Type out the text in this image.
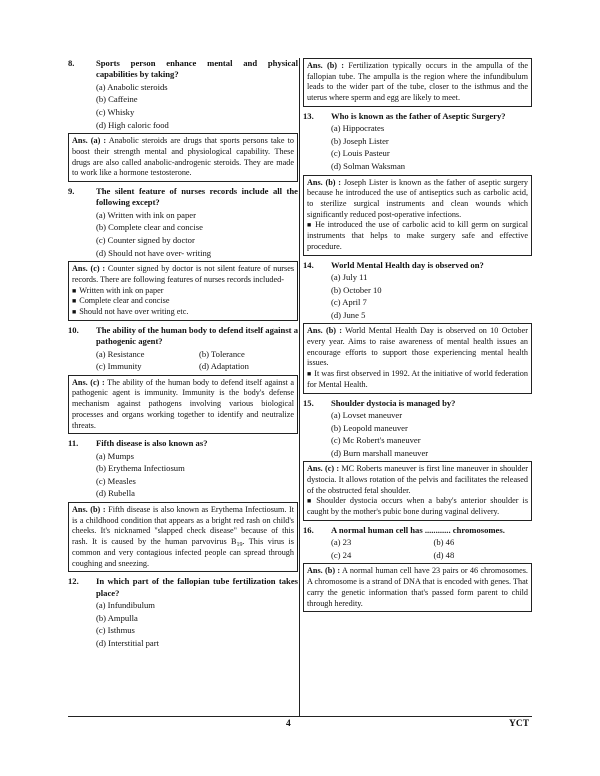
8.	Sports person enhance mental and physical capabilities by taking?
(a) Anabolic steroids
(b) Caffeine
(c) Whisky
(d) High caloric food
Ans. (a) : Anabolic steroids are drugs that sports persons take to boost their strength mental and physiological capability. These drugs are also called anabolic-androgenic steroids. They are made to work like a hormone testosterone.
9.	The silent feature of nurses records include all the following except?
(a) Written with ink on paper
(b) Complete clear and concise
(c) Counter signed by doctor
(d) Should not have over- writing
Ans. (c) : Counter signed by doctor is not silent feature of nurses records. There are following features of nurses records included-
■ Written with ink on paper
■ Complete clear and concise
■ Should not have over writing etc.
10. The ability of the human body to defend itself against a pathogenic agent?
(a) Resistance	(b) Tolerance
(c) Immunity	(d) Adaptation
Ans. (c) : The ability of the human body to defend itself against a pathogenic agent is immunity. Immunity is the body's defense mechanism against pathogens involving various biological processes and organs working together to identify and neutralize threats.
11. Fifth disease is also known as?
(a) Mumps
(b) Erythema Infectiosum
(c) Measles
(d) Rubella
Ans. (b) : Fifth disease is also known as Erythema Infectiosum. It is a childhood condition that appears as a bright red rash on child's cheeks. It's nicknamed "slapped check disease" because of this rash. It is caused by the human parvovirus $B_{19}$. This virus is common and very contagious infected people can spread through coughing and sneezing.
12. In which part of the fallopian tube fertilization takes place?
(a) Infundibulum
(b) Ampulla
(c) Isthmus
(d) Interstitial part
Ans. (b) : Fertilization typically occurs in the ampulla of the fallopian tube. The ampulla is the region where the infundibulum leads to the wider part of the tube, closer to the isthmus and the uterus where sperm and egg are likely to meet.
13. Who is known as the father of Aseptic Surgery?
(a) Hippocrates
(b) Joseph Lister
(c) Louis Pasteur
(d) Solman Waksman
Ans. (b) : Joseph Lister is known as the father of aseptic surgery because he introduced the use of antiseptics such as carbolic acid, to sterilize surgical instruments and clean wounds which significantly reduced post-operative infections.
■ He introduced the use of carbolic acid to kill germ on surgical instruments that helps to make surgery safe and effective procedure.
14. World Mental Health day is observed on?
(a) July 11
(b) October 10
(c) April 7
(d) June 5
Ans. (b) : World Mental Health Day is observed on 10 October every year. Aims to raise awareness of mental health issues an encourage efforts to support those experiencing mental health issues.
■ It was first observed in 1992. At the initiative of world federation for Mental Health.
15. Shoulder dystocia is managed by?
(a) Lovset maneuver
(b) Leopold maneuver
(c) Mc Robert's maneuver
(d) Burn marshall maneuver
Ans. (c) : MC Roberts maneuver is first line maneuver in shoulder dystocia. It allows rotation of the pelvis and facilitates the released of the obstructed fetal shoulder.
■ Shoulder dystocia occurs when a baby's anterior shoulder is caught by the mother's pubic bone during vaginal delivery.
16. A normal human cell has ............ chromosomes.
(a) 23	(b) 46
(c) 24	(d) 48
Ans. (b) : A normal human cell have 23 pairs or 46 chromosomes. A chromosome is a strand of DNA that is encoded with genes. That carry the genetic information that's passed form parent to child through heredity.
4	YCT
